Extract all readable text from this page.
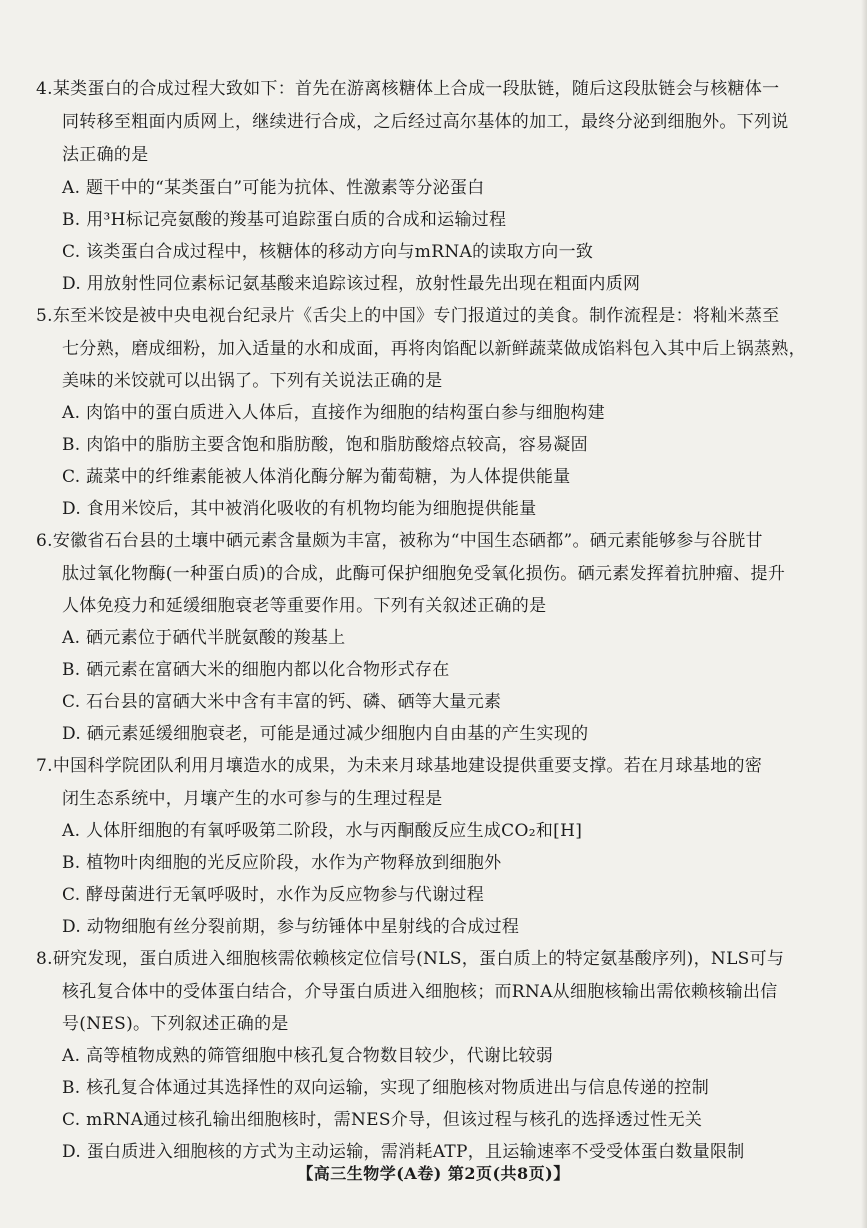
4.某类蛋白的合成过程大致如下：首先在游离核糖体上合成一段肽链，随后这段肽链会与核糖体一
同转移至粗面内质网上，继续进行合成，之后经过高尔基体的加工，最终分泌到细胞外。下列说
法正确的是
A. 题干中的“某类蛋白”可能为抗体、性激素等分泌蛋白
B. 用³H标记亮氨酸的羧基可追踪蛋白质的合成和运输过程
C. 该类蛋白合成过程中，核糖体的移动方向与mRNA的读取方向一致
D. 用放射性同位素标记氨基酸来追踪该过程，放射性最先出现在粗面内质网
5.东至米饺是被中央电视台纪录片《舌尖上的中国》专门报道过的美食。制作流程是：将籼米蒸至
七分熟，磨成细粉，加入适量的水和成面，再将肉馅配以新鲜蔬菜做成馅料包入其中后上锅蒸熟，
美味的米饺就可以出锅了。下列有关说法正确的是
A. 肉馅中的蛋白质进入人体后，直接作为细胞的结构蛋白参与细胞构建
B. 肉馅中的脂肪主要含饱和脂肪酸，饱和脂肪酸熔点较高，容易凝固
C. 蔬菜中的纤维素能被人体消化酶分解为葡萄糖，为人体提供能量
D. 食用米饺后，其中被消化吸收的有机物均能为细胞提供能量
6.安徽省石台县的土壤中硒元素含量颇为丰富，被称为“中国生态硒都”。硒元素能够参与谷胱甘
肽过氧化物酶(一种蛋白质)的合成，此酶可保护细胞免受氧化损伤。硒元素发挥着抗肿瘤、提升
人体免疫力和延缓细胞衰老等重要作用。下列有关叙述正确的是
A. 硒元素位于硒代半胱氨酸的羧基上
B. 硒元素在富硒大米的细胞内都以化合物形式存在
C. 石台县的富硒大米中含有丰富的钙、磷、硒等大量元素
D. 硒元素延缓细胞衰老，可能是通过减少细胞内自由基的产生实现的
7.中国科学院团队利用月壤造水的成果，为未来月球基地建设提供重要支撑。若在月球基地的密
闭生态系统中，月壤产生的水可参与的生理过程是
A. 人体肝细胞的有氧呼吸第二阶段，水与丙酮酸反应生成CO₂和[H]
B. 植物叶肉细胞的光反应阶段，水作为产物释放到细胞外
C. 酵母菌进行无氧呼吸时，水作为反应物参与代谢过程
D. 动物细胞有丝分裂前期，参与纺锤体中星射线的合成过程
8.研究发现，蛋白质进入细胞核需依赖核定位信号(NLS，蛋白质上的特定氨基酸序列)，NLS可与
核孔复合体中的受体蛋白结合，介导蛋白质进入细胞核；而RNA从细胞核输出需依赖核输出信
号(NES)。下列叙述正确的是
A. 高等植物成熟的筛管细胞中核孔复合物数目较少，代谢比较弱
B. 核孔复合体通过其选择性的双向运输，实现了细胞核对物质进出与信息传递的控制
C. mRNA通过核孔输出细胞核时，需NES介导，但该过程与核孔的选择透过性无关
D. 蛋白质进入细胞核的方式为主动运输，需消耗ATP，且运输速率不受受体蛋白数量限制
【高三生物学(A卷) 第2页(共8页)】
